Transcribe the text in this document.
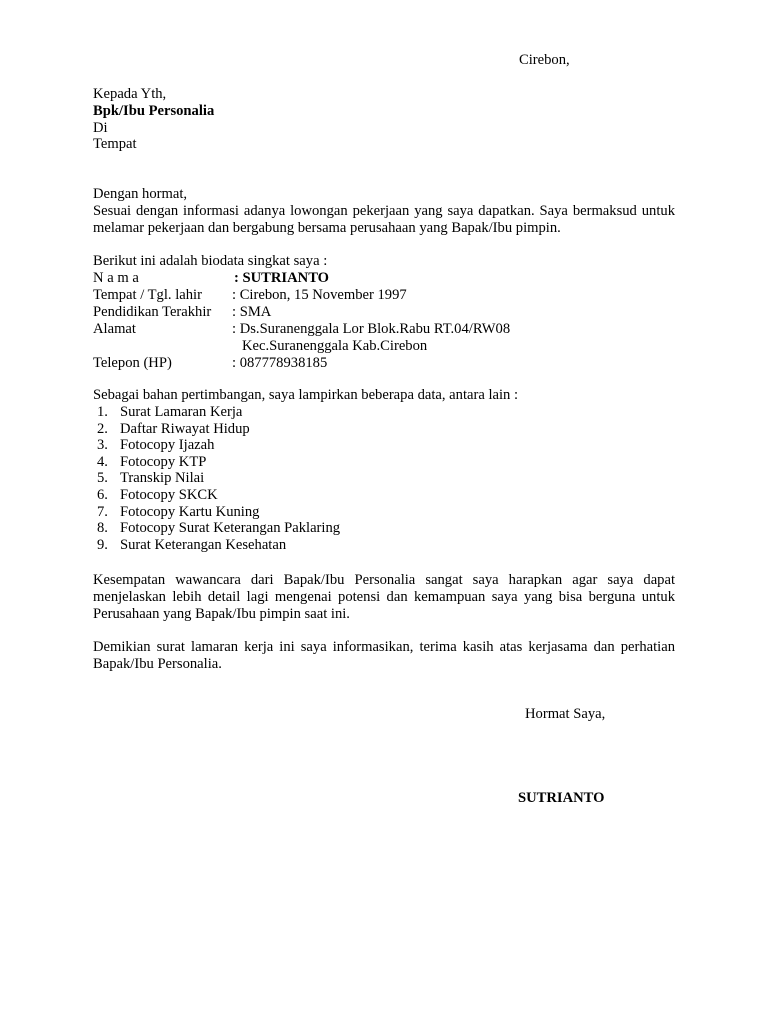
Cirebon,
Kepada Yth,
Bpk/Ibu Personalia
Di
Tempat
Dengan hormat,
Sesuai dengan informasi adanya lowongan pekerjaan yang saya dapatkan. Saya bermaksud untuk melamar pekerjaan dan bergabung bersama perusahaan yang Bapak/Ibu pimpin.
Berikut ini adalah biodata singkat saya :
N a m a	: SUTRIANTO
Tempat / Tgl. lahir : Cirebon, 15 November 1997
Pendidikan Terakhir : SMA
Alamat	: Ds.Suranenggala Lor Blok.Rabu RT.04/RW08
Kec.Suranenggala Kab.Cirebon
Telepon (HP)	: 087778938185
Sebagai bahan pertimbangan, saya lampirkan beberapa data, antara lain :
1. Surat Lamaran Kerja
2. Daftar Riwayat Hidup
3. Fotocopy Ijazah
4. Fotocopy KTP
5. Transkip Nilai
6. Fotocopy SKCK
7. Fotocopy Kartu Kuning
8. Fotocopy Surat Keterangan Paklaring
9. Surat Keterangan Kesehatan
Kesempatan wawancara dari Bapak/Ibu Personalia sangat saya harapkan agar saya dapat menjelaskan lebih detail lagi mengenai potensi dan kemampuan saya yang bisa berguna untuk Perusahaan yang Bapak/Ibu pimpin saat ini.
Demikian surat lamaran kerja ini saya informasikan, terima kasih atas kerjasama dan perhatian Bapak/Ibu Personalia.
Hormat Saya,
SUTRIANTO
